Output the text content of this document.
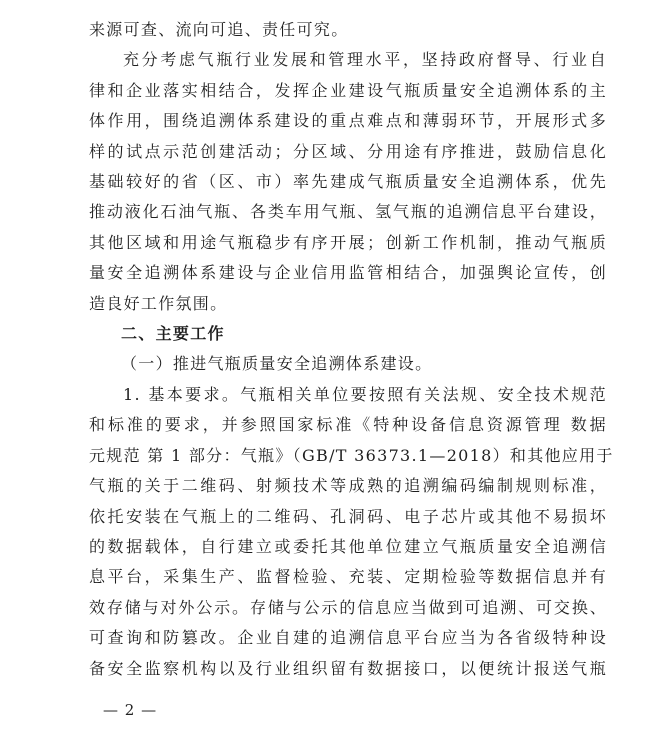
来源可查、流向可追、责任可究。

充分考虑气瓶行业发展和管理水平，坚持政府督导、行业自

律和企业落实相结合，发挥企业建设气瓶质量安全追溯体系的主

体作用，围绕追溯体系建设的重点难点和薄弱环节，开展形式多

样的试点示范创建活动；分区域、分用途有序推进，鼓励信息化

基础较好的省（区、市）率先建成气瓶质量安全追溯体系，优先

推动液化石油气瓶、各类车用气瓶、氢气瓶的追溯信息平台建设，

其他区域和用途气瓶稳步有序开展；创新工作机制，推动气瓶质

量安全追溯体系建设与企业信用监管相结合，加强舆论宣传，创

造良好工作氛围。

二、主要工作

（一）推进气瓶质量安全追溯体系建设。

1. 基本要求。气瓶相关单位要按照有关法规、安全技术规范

和标准的要求，并参照国家标准《特种设备信息资源管理 数据

元规范 第 1 部分：气瓶》（GB/T 36373.1—2018）和其他应用于

气瓶的关于二维码、射频技术等成熟的追溯编码编制规则标准，

依托安装在气瓶上的二维码、孔洞码、电子芯片或其他不易损坏

的数据载体，自行建立或委托其他单位建立气瓶质量安全追溯信

息平台，采集生产、监督检验、充装、定期检验等数据信息并有

效存储与对外公示。存储与公示的信息应当做到可追溯、可交换、

可查询和防篡改。企业自建的追溯信息平台应当为各省级特种设

备安全监察机构以及行业组织留有数据接口，以便统计报送气瓶

— 2 —
